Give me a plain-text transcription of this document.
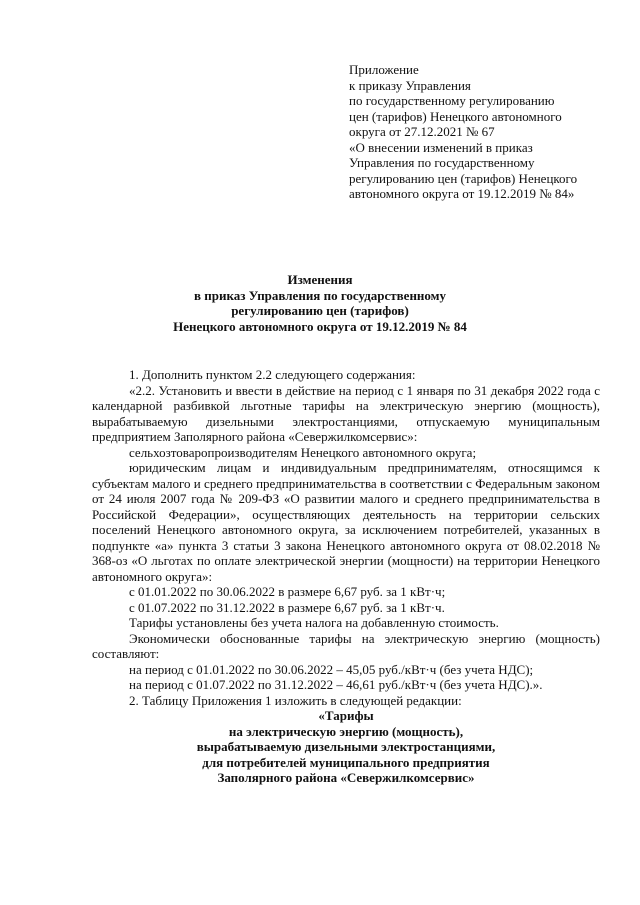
Приложение
к приказу Управления
по государственному регулированию
цен (тарифов) Ненецкого автономного
округа от 27.12.2021 № 67
«О внесении изменений в приказ
Управления по государственному
регулированию цен (тарифов) Ненецкого
автономного округа от 19.12.2019 № 84»
Изменения
в приказ Управления по государственному
регулированию цен (тарифов)
Ненецкого автономного округа от 19.12.2019 № 84
1. Дополнить пунктом 2.2 следующего содержания:
«2.2. Установить и ввести в действие на период с 1 января по 31 декабря 2022 года с календарной разбивкой льготные тарифы на электрическую энергию (мощность), вырабатываемую дизельными электростанциями, отпускаемую муниципальным предприятием Заполярного района «Севержилкомсервис»:
сельхозтоваропроизводителям Ненецкого автономного округа;
юридическим лицам и индивидуальным предпринимателям, относящимся к субъектам малого и среднего предпринимательства в соответствии с Федеральным законом от 24 июля 2007 года № 209-ФЗ «О развитии малого и среднего предпринимательства в Российской Федерации», осуществляющих деятельность на территории сельских поселений Ненецкого автономного округа, за исключением потребителей, указанных в подпункте «а» пункта 3 статьи 3 закона Ненецкого автономного округа от 08.02.2018 № 368-оз «О льготах по оплате электрической энергии (мощности) на территории Ненецкого автономного округа»:
с 01.01.2022 по 30.06.2022 в размере 6,67 руб. за 1 кВт·ч;
с 01.07.2022 по 31.12.2022 в размере 6,67 руб. за 1 кВт·ч.
Тарифы установлены без учета налога на добавленную стоимость.
Экономически обоснованные тарифы на электрическую энергию (мощность) составляют:
на период с 01.01.2022 по 30.06.2022 – 45,05 руб./кВт·ч (без учета НДС);
на период с 01.07.2022 по 31.12.2022 – 46,61 руб./кВт·ч (без учета НДС).».
2. Таблицу Приложения 1 изложить в следующей редакции:
«Тарифы
на электрическую энергию (мощность),
вырабатываемую дизельными электростанциями,
для потребителей муниципального предприятия
Заполярного района «Севержилкомсервис»
